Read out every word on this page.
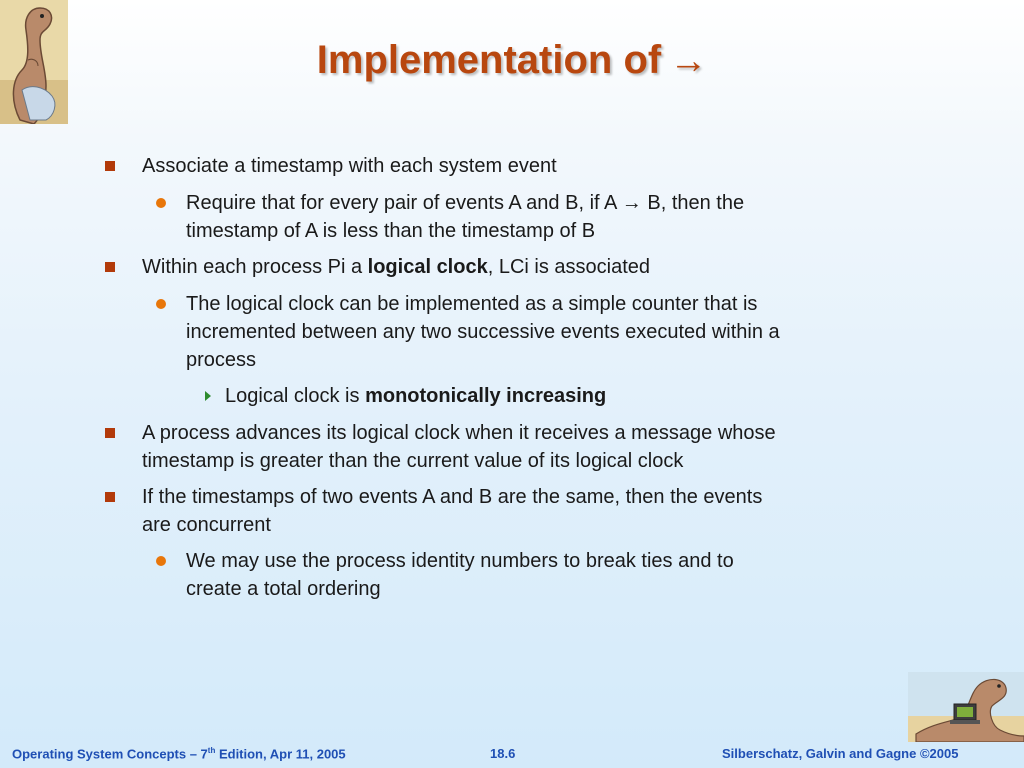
Implementation of →
Associate a timestamp with each system event
Require that for every pair of events A and B, if A → B, then the
timestamp of A is less than the timestamp of B
Within each process Pi a logical clock, LCi is associated
The logical clock can be implemented as a simple counter that is
incremented between any two successive events executed within a
process
Logical clock is monotonically increasing
A process advances its logical clock when it receives a message whose
timestamp is greater than the current value of its logical clock
If the timestamps of two events A and B are the same, then the events
are concurrent
We may use the process identity numbers to break ties and to
create a total ordering
Operating System Concepts – 7th Edition, Apr 11, 2005	18.6	Silberschatz, Galvin and Gagne ©2005
